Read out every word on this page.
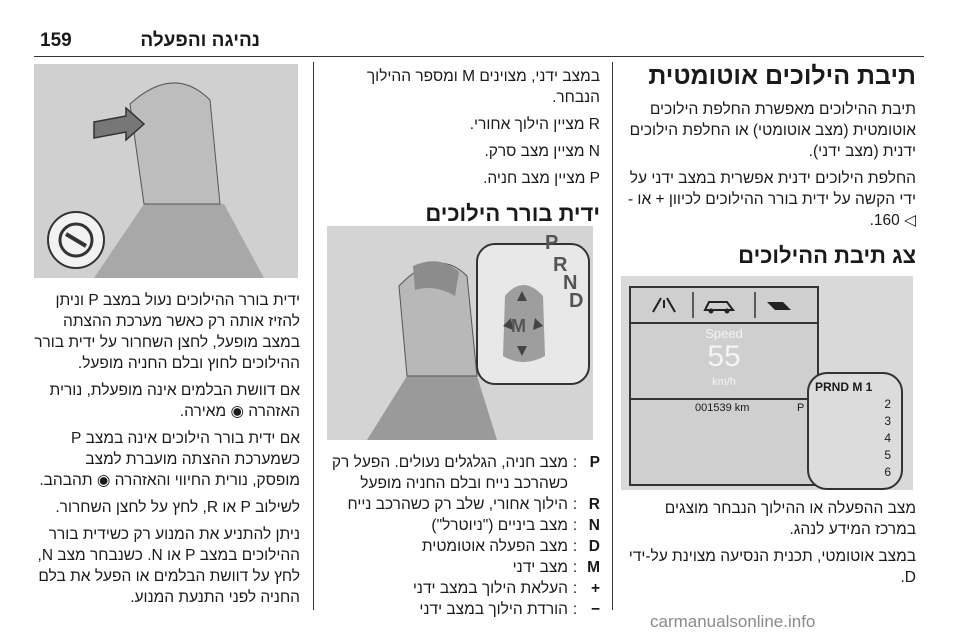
נהיגה והפעלה
159
תיבת הילוכים אוטומטית

תיבת ההילוכים מאפשרת החלפת הילוכים אוטומטית (מצב אוטומטי) או החלפת הילוכים ידנית (מצב ידני).

החלפת הילוכים ידנית אפשרית במצב ידני על ידי הקשה על ידית בורר ההילוכים לכיוון + או - ◁ 160.

צג תיבת ההילוכים
Speed
55
km/h
001539 km	P
PRND M 1
2
3
4
5
6

מצב ההפעלה או ההילוך הנבחר מוצגים במרכז המידע לנהג.

במצב אוטומטי, תכנית הנסיעה מצוינת על-ידי D.

במצב ידני, מצוינים M ומספר ההילוך הנבחר.

R מציין הילוך אחורי.

N מציין מצב סרק.

P מציין מצב חניה.

ידית בורר הילוכים
P
R
N
D
M
P	:	מצב חניה, הגלגלים נעולים. הפעל רק כשהרכב נייח ובלם החניה מופעל
R	:	הילוך אחורי, שלב רק כשהרכב נייח
N	:	מצב ביניים ("ניוטרל")
D	:	מצב הפעלה אוטומטית
M	:	מצב ידני
+	:	העלאת הילוך במצב ידני
−	:	הורדת הילוך במצב ידני

ידית בורר ההילוכים נעול במצב P וניתן להזיז אותה רק כאשר מערכת ההצתה במצב מופעל, לחצן השחרור על ידית בורר ההילוכים לחוץ ובלם החניה מופעל.

אם דוושת הבלמים אינה מופעלת, נורית האזהרה ◉ מאירה.

אם ידית בורר הילוכים אינה במצב P כשמערכת ההצתה מועברת למצב מופסק, נורית החיווי והאזהרה ◉ תהבהב.

לשילוב P או R, לחץ על לחצן השחרור.

ניתן להתניע את המנוע רק כשידית בורר ההילוכים במצב P או N. כשנבחר מצב N, לחץ על דוושת הבלמים או הפעל את בלם החניה לפני התנעת המנוע.

carmanualsonline.info
